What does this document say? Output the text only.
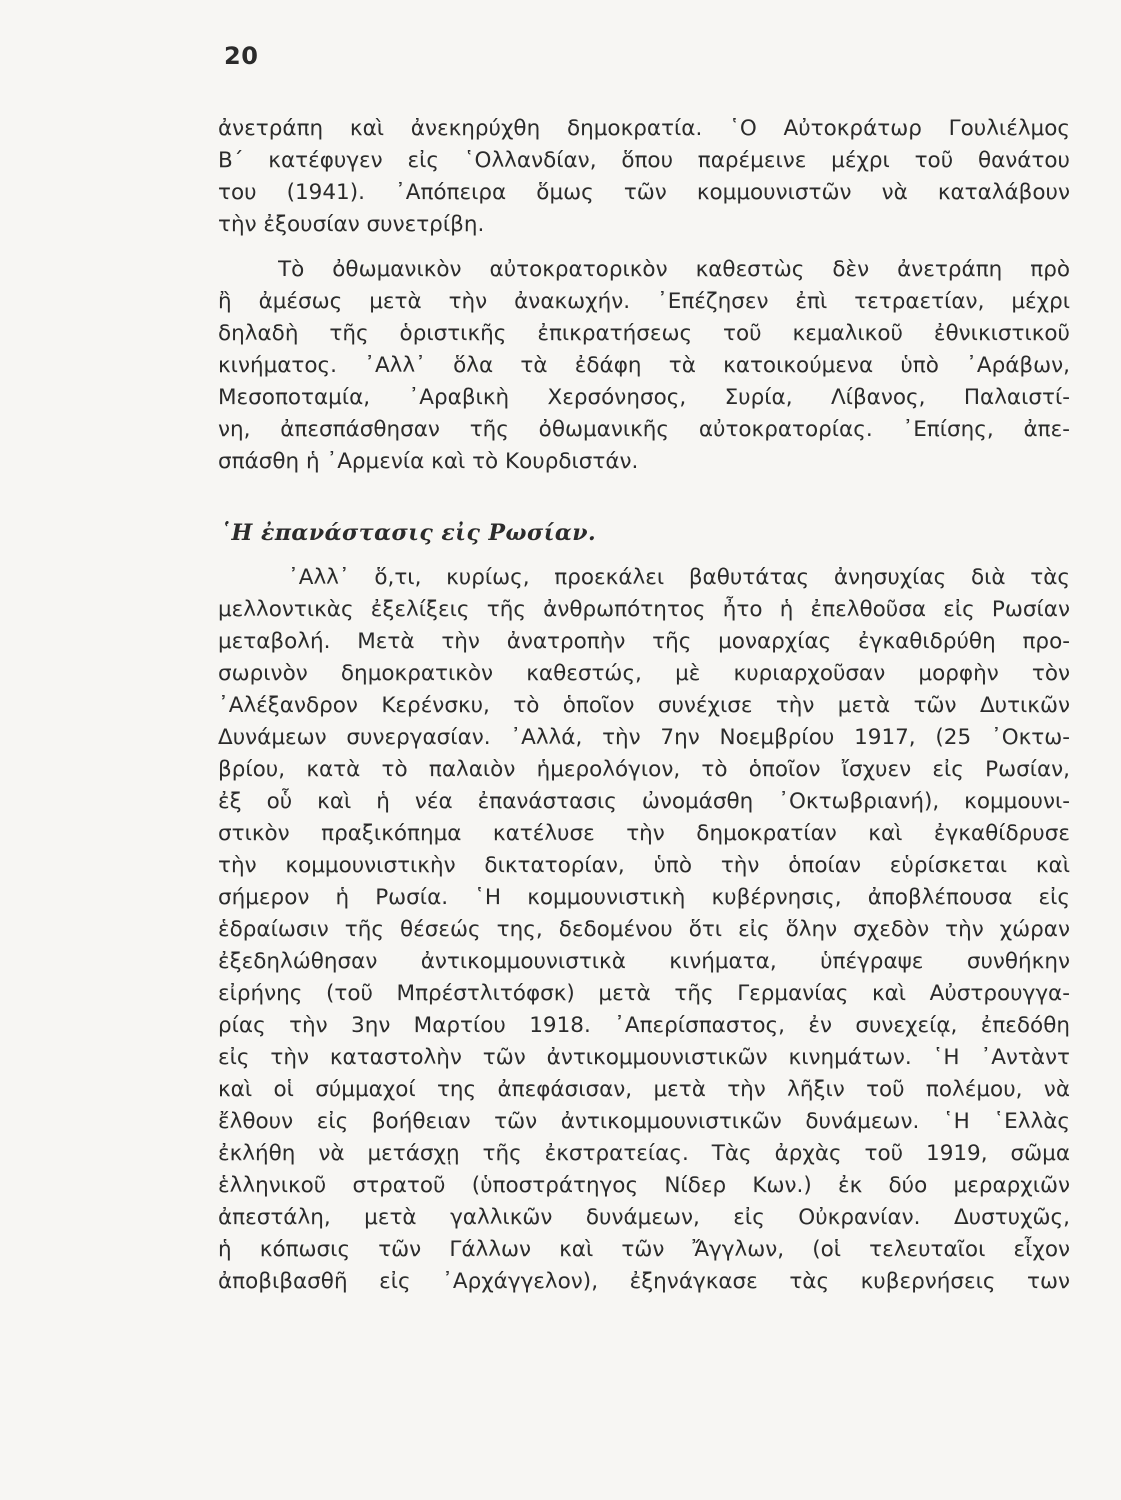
20
ἀνετράπη καὶ ἀνεκηρύχθη δημοκρατία. ῾Ο Αὐτοκράτωρ Γουλιέλμος
Β΄ κατέφυγεν εἰς ῾Ολλανδίαν, ὅπου παρέμεινε μέχρι τοῦ θανάτου
του (1941). ᾿Απόπειρα ὅμως τῶν κομμουνιστῶν νὰ καταλάβουν
τὴν ἐξουσίαν συνετρίβη.
Τὸ ὀθωμανικὸν αὐτοκρατορικὸν καθεστὼς δὲν ἀνετράπη πρὸ
ἢ ἀμέσως μετὰ τὴν ἀνακωχήν. ᾿Επέζησεν ἐπὶ τετραετίαν, μέχρι
δηλαδὴ τῆς ὁριστικῆς ἐπικρατήσεως τοῦ κεμαλικοῦ ἐθνικιστικοῦ
κινήματος. ᾿Αλλ᾿ ὅλα τὰ ἐδάφη τὰ κατοικούμενα ὑπὸ ᾿Αράβων,
Μεσοποταμία, ᾿Αραβικὴ Χερσόνησος, Συρία, Λίβανος, Παλαιστί-
νη, ἀπεσπάσθησαν τῆς ὀθωμανικῆς αὐτοκρατορίας. ᾿Επίσης, ἀπε-
σπάσθη ἡ ᾿Αρμενία καὶ τὸ Κουρδιστάν.
῾Η ἐπανάστασις εἰς Ρωσίαν.
᾿Αλλ᾿ ὅ,τι, κυρίως, προεκάλει βαθυτάτας ἀνησυχίας διὰ τὰς
μελλοντικὰς ἐξελίξεις τῆς ἀνθρωπότητος ἦτο ἡ ἐπελθοῦσα εἰς Ρωσίαν
μεταβολή. Μετὰ τὴν ἀνατροπὴν τῆς μοναρχίας ἐγκαθιδρύθη προ-
σωρινὸν δημοκρατικὸν καθεστώς, μὲ κυριαρχοῦσαν μορφὴν τὸν
᾿Αλέξανδρον Κερένσκυ, τὸ ὁποῖον συνέχισε τὴν μετὰ τῶν Δυτικῶν
Δυνάμεων συνεργασίαν. ᾿Αλλά, τὴν 7ην Νοεμβρίου 1917, (25 ᾿Οκτω-
βρίου, κατὰ τὸ παλαιὸν ἡμερολόγιον, τὸ ὁποῖον ἴσχυεν εἰς Ρωσίαν,
ἐξ οὗ καὶ ἡ νέα ἐπανάστασις ὠνομάσθη ᾿Οκτωβριανή), κομμουνι-
στικὸν πραξικόπημα κατέλυσε τὴν δημοκρατίαν καὶ ἐγκαθίδρυσε
τὴν κομμουνιστικὴν δικτατορίαν, ὑπὸ τὴν ὁποίαν εὑρίσκεται καὶ
σήμερον ἡ Ρωσία. ῾Η κομμουνιστικὴ κυβέρνησις, ἀποβλέπουσα εἰς
ἑδραίωσιν τῆς θέσεώς της, δεδομένου ὅτι εἰς ὅλην σχεδὸν τὴν χώραν
ἐξεδηλώθησαν ἀντικομμουνιστικὰ κινήματα, ὑπέγραψε συνθήκην
εἰρήνης (τοῦ Μπρέστλιτόφσκ) μετὰ τῆς Γερμανίας καὶ Αὐστρουγγα-
ρίας τὴν 3ην Μαρτίου 1918. ᾿Απερίσπαστος, ἐν συνεχείᾳ, ἐπεδόθη
εἰς τὴν καταστολὴν τῶν ἀντικομμουνιστικῶν κινημάτων. ῾Η ᾿Αντὰντ
καὶ οἱ σύμμαχοί της ἀπεφάσισαν, μετὰ τὴν λῆξιν τοῦ πολέμου, νὰ
ἔλθουν εἰς βοήθειαν τῶν ἀντικομμουνιστικῶν δυνάμεων. ῾Η ῾Ελλὰς
ἐκλήθη νὰ μετάσχῃ τῆς ἐκστρατείας. Τὰς ἀρχὰς τοῦ 1919, σῶμα
ἑλληνικοῦ στρατοῦ (ὑποστράτηγος Νίδερ Κων.) ἐκ δύο μεραρχιῶν
ἀπεστάλη, μετὰ γαλλικῶν δυνάμεων, εἰς Οὐκρανίαν. Δυστυχῶς,
ἡ κόπωσις τῶν Γάλλων καὶ τῶν Ἄγγλων, (οἱ τελευταῖοι εἶχον
ἀποβιβασθῆ εἰς ᾿Αρχάγγελον), ἐξηνάγκασε τὰς κυβερνήσεις των
